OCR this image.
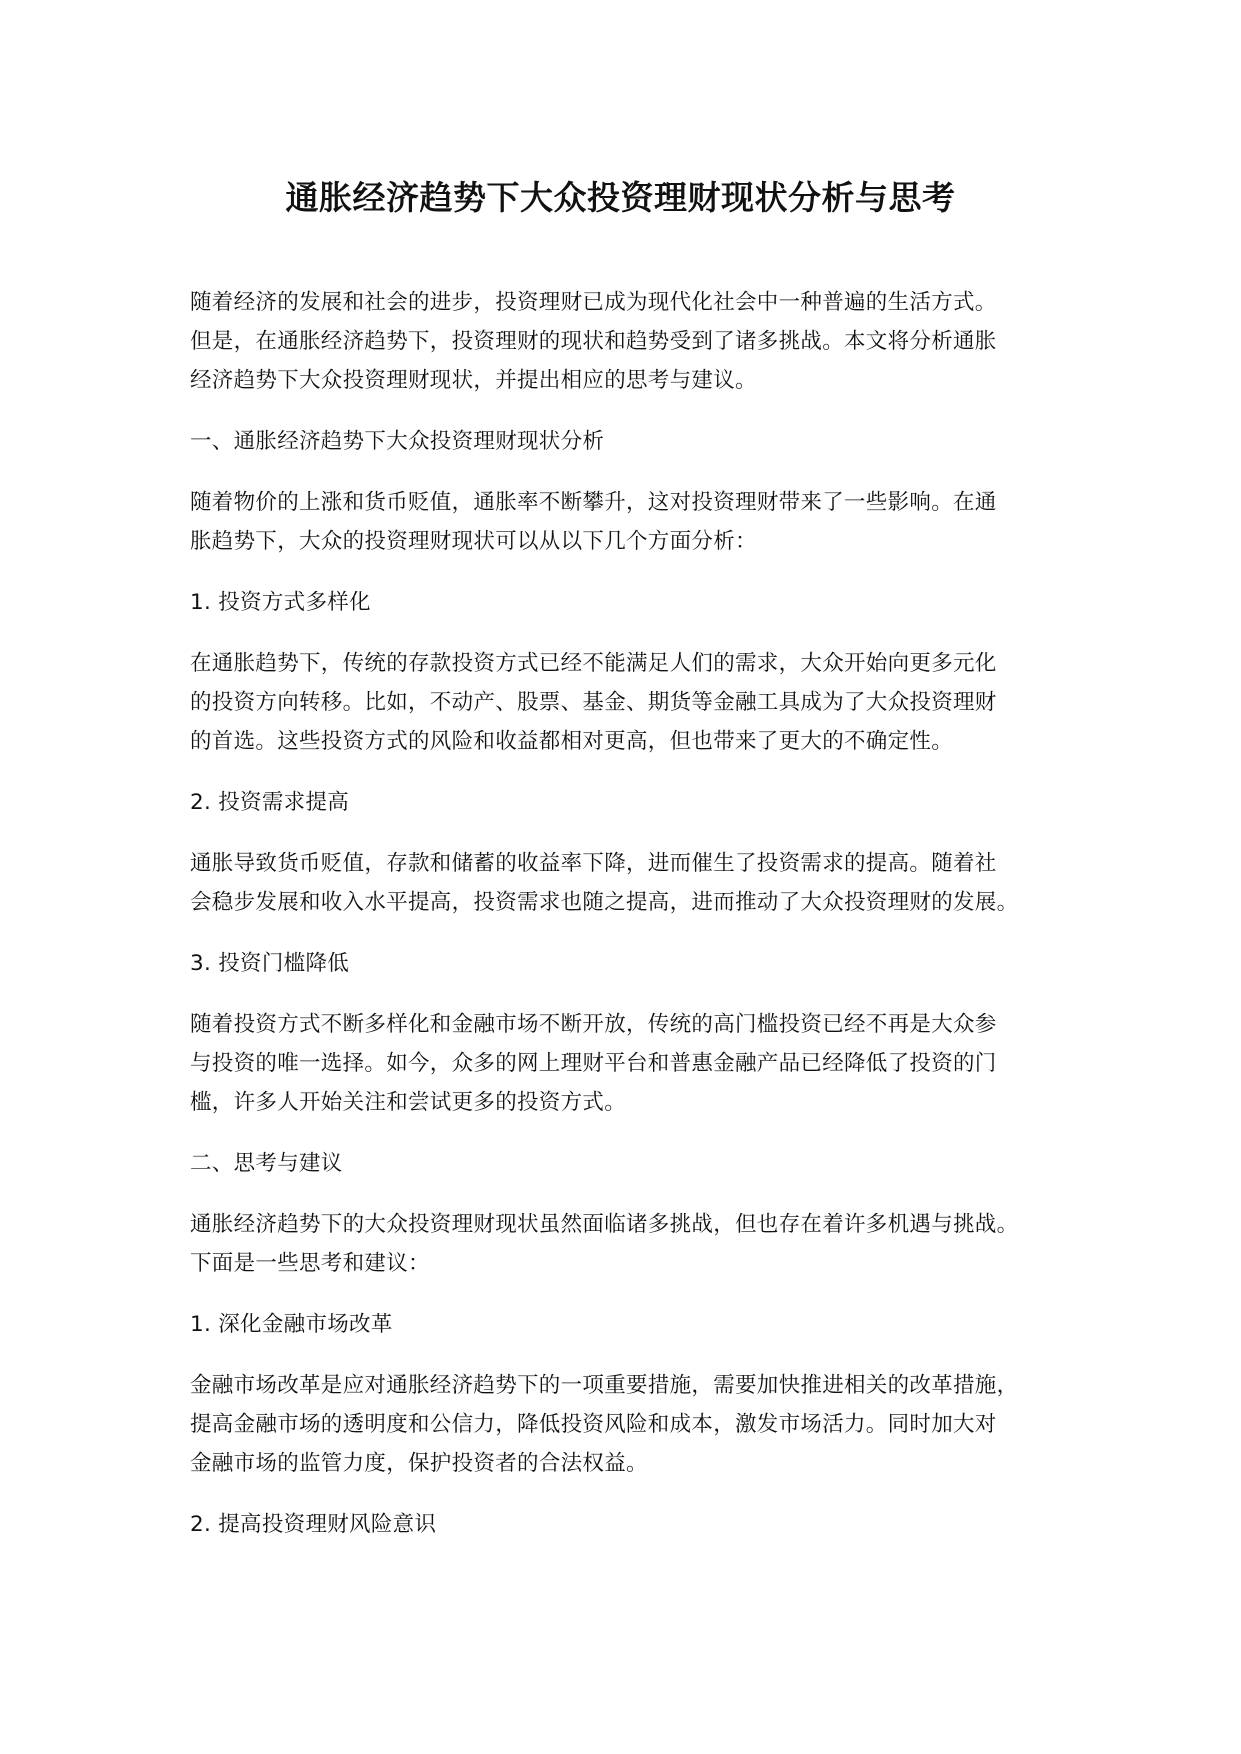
通胀经济趋势下大众投资理财现状分析与思考
随着经济的发展和社会的进步，投资理财已成为现代化社会中一种普遍的生活方式。
但是，在通胀经济趋势下，投资理财的现状和趋势受到了诸多挑战。本文将分析通胀
经济趋势下大众投资理财现状，并提出相应的思考与建议。
一、通胀经济趋势下大众投资理财现状分析
随着物价的上涨和货币贬值，通胀率不断攀升，这对投资理财带来了一些影响。在通
胀趋势下，大众的投资理财现状可以从以下几个方面分析：
1. 投资方式多样化
在通胀趋势下，传统的存款投资方式已经不能满足人们的需求，大众开始向更多元化
的投资方向转移。比如，不动产、股票、基金、期货等金融工具成为了大众投资理财
的首选。这些投资方式的风险和收益都相对更高，但也带来了更大的不确定性。
2. 投资需求提高
通胀导致货币贬值，存款和储蓄的收益率下降，进而催生了投资需求的提高。随着社
会稳步发展和收入水平提高，投资需求也随之提高，进而推动了大众投资理财的发展。
3. 投资门槛降低
随着投资方式不断多样化和金融市场不断开放，传统的高门槛投资已经不再是大众参
与投资的唯一选择。如今，众多的网上理财平台和普惠金融产品已经降低了投资的门
槛，许多人开始关注和尝试更多的投资方式。
二、思考与建议
通胀经济趋势下的大众投资理财现状虽然面临诸多挑战，但也存在着许多机遇与挑战。
下面是一些思考和建议：
1. 深化金融市场改革
金融市场改革是应对通胀经济趋势下的一项重要措施，需要加快推进相关的改革措施，
提高金融市场的透明度和公信力，降低投资风险和成本，激发市场活力。同时加大对
金融市场的监管力度，保护投资者的合法权益。
2. 提高投资理财风险意识
